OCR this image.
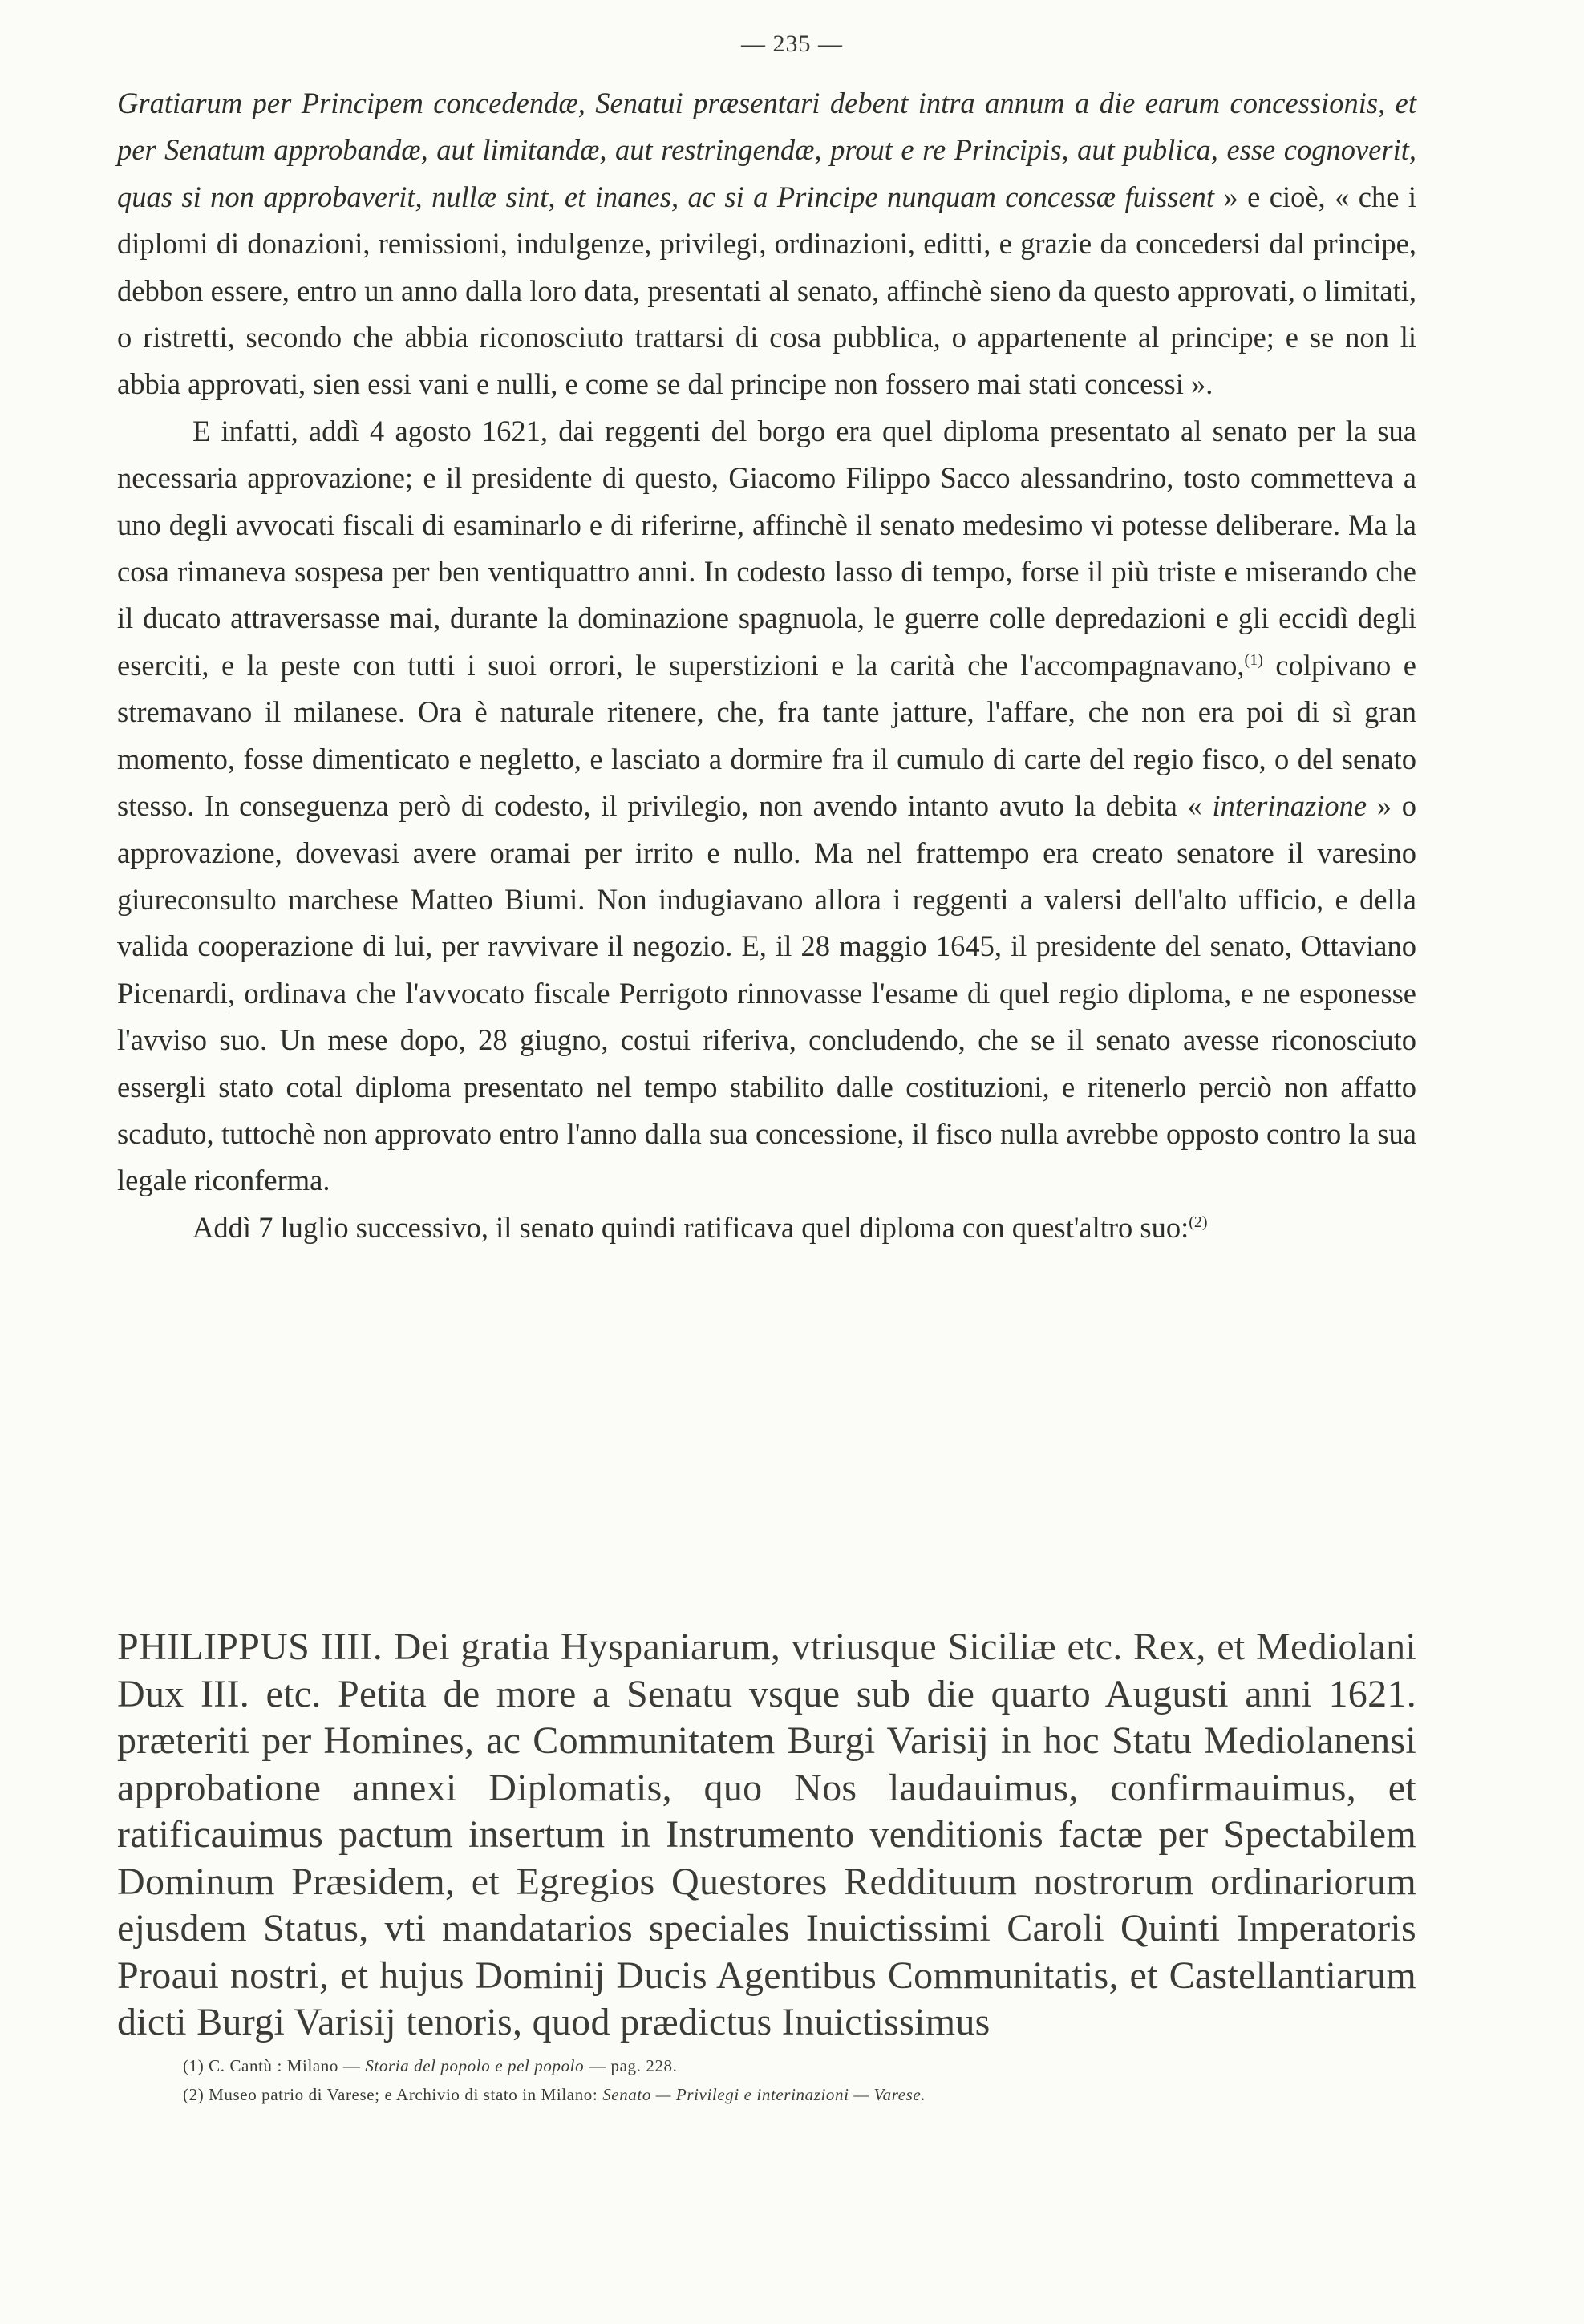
— 235 —

Gratiarum per Principem concedendæ, Senatui præsentari debent intra annum a die earum concessionis, et per Senatum approbandæ, aut limitandæ, aut restringendæ, prout e re Principis, aut publica, esse cognoverit, quas si non approbaverit, nullæ sint, et inanes, ac si a Principe nunquam concessæ fuissent » e cioè, « che i diplomi di donazioni, remissioni, indulgenze, privilegi, ordinazioni, editti, e grazie da concedersi dal principe, debbon essere, entro un anno dalla loro data, presentati al senato, affinchè sieno da questo approvati, o limitati, o ristretti, secondo che abbia riconosciuto trattarsi di cosa pubblica, o appartenente al principe; e se non li abbia approvati, sien essi vani e nulli, e come se dal principe non fossero mai stati concessi ».

E infatti, addì 4 agosto 1621, dai reggenti del borgo era quel diploma presentato al senato per la sua necessaria approvazione; e il presidente di questo, Giacomo Filippo Sacco alessandrino, tosto commetteva a uno degli avvocati fiscali di esaminarlo e di riferirne, affinchè il senato medesimo vi potesse deliberare. Ma la cosa rimaneva sospesa per ben ventiquattro anni. In codesto lasso di tempo, forse il più triste e miserando che il ducato attraversasse mai, durante la dominazione spagnuola, le guerre colle depredazioni e gli eccidì degli eserciti, e la peste con tutti i suoi orrori, le superstizioni e la carità che l'accompagnavano,$^{(1)}$ colpivano e stremavano il milanese. Ora è naturale ritenere, che, fra tante jatture, l'affare, che non era poi di sì gran momento, fosse dimenticato e negletto, e lasciato a dormire fra il cumulo di carte del regio fisco, o del senato stesso. In conseguenza però di codesto, il privilegio, non avendo intanto avuto la debita « interinazione » o approvazione, dovevasi avere oramai per irrito e nullo. Ma nel frattempo era creato senatore il varesino giureconsulto marchese Matteo Biumi. Non indugiavano allora i reggenti a valersi dell'alto ufficio, e della valida cooperazione di lui, per ravvivare il negozio. E, il 28 maggio 1645, il presidente del senato, Ottaviano Picenardi, ordinava che l'avvocato fiscale Perrigoto rinnovasse l'esame di quel regio diploma, e ne esponesse l'avviso suo. Un mese dopo, 28 giugno, costui riferiva, concludendo, che se il senato avesse riconosciuto essergli stato cotal diploma presentato nel tempo stabilito dalle costituzioni, e ritenerlo perciò non affatto scaduto, tuttochè non approvato entro l'anno dalla sua concessione, il fisco nulla avrebbe opposto contro la sua legale riconferma.

Addì 7 luglio successivo, il senato quindi ratificava quel diploma con quest'altro suo:$^{(2)}$

PHILIPPUS IIII. Dei gratia Hyspaniarum, vtriusque Siciliæ etc. Rex, et Mediolani Dux III. etc. Petita de more a Senatu vsque sub die quarto Augusti anni 1621. præteriti per Homines, ac Communitatem Burgi Varisij in hoc Statu Mediolanensi approbatione annexi Diplomatis, quo Nos laudauimus, confirmauimus, et ratificauimus pactum insertum in Instrumento venditionis factæ per Spectabilem Dominum Præsidem, et Egregios Questores Reddituum nostrorum ordinariorum ejusdem Status, vti mandatarios speciales Inuictissimi Caroli Quinti Imperatoris Proaui nostri, et hujus Dominij Ducis Agentibus Communitatis, et Castellantiarum dicti Burgi Varisij tenoris, quod prædictus Inuictissimus

(1) C. Cantù : Milano — Storia del popolo e pel popolo — pag. 228.

(2) Museo patrio di Varese; e Archivio di stato in Milano: Senato — Privilegi e interinazioni — Varese.
